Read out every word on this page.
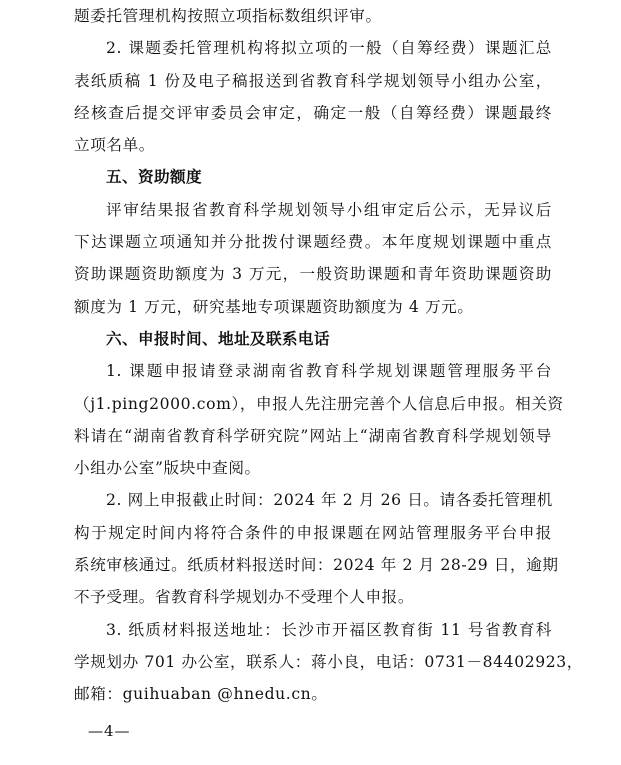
题委托管理机构按照立项指标数组织评审。
2. 课题委托管理机构将拟立项的一般（自筹经费）课题汇总
表纸质稿 1 份及电子稿报送到省教育科学规划领导小组办公室，
经核查后提交评审委员会审定，确定一般（自筹经费）课题最终
立项名单。
五、资助额度
评审结果报省教育科学规划领导小组审定后公示，无异议后
下达课题立项通知并分批拨付课题经费。本年度规划课题中重点
资助课题资助额度为 3 万元，一般资助课题和青年资助课题资助
额度为 1 万元，研究基地专项课题资助额度为 4 万元。
六、申报时间、地址及联系电话
1. 课题申报请登录湖南省教育科学规划课题管理服务平台
（j1.ping2000.com），申报人先注册完善个人信息后申报。相关资
料请在“湖南省教育科学研究院”网站上“湖南省教育科学规划领导
小组办公室”版块中查阅。
2. 网上申报截止时间：2024 年 2 月 26 日。请各委托管理机
构于规定时间内将符合条件的申报课题在网站管理服务平台申报
系统审核通过。纸质材料报送时间：2024 年 2 月 28-29 日，逾期
不予受理。省教育科学规划办不受理个人申报。
3. 纸质材料报送地址：长沙市开福区教育街 11 号省教育科
学规划办 701 办公室，联系人：蒋小良，电话：0731－84402923，
邮箱：guihuaban @hnedu.cn。
—4—
